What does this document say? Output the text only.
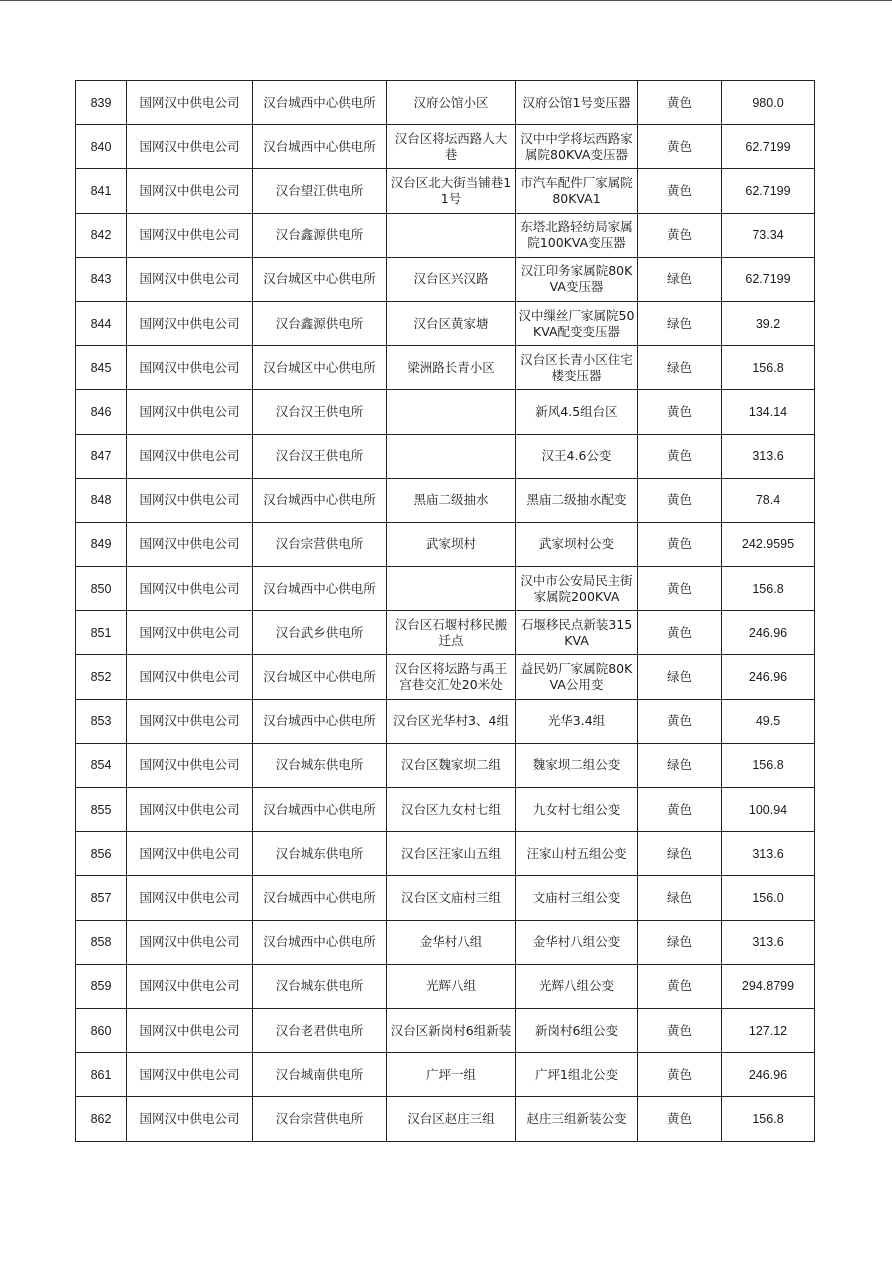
839	国网汉中供电公司	汉台城西中心供电所	汉府公馆小区	汉府公馆1号变压器	黄色	980.0
840	国网汉中供电公司	汉台城西中心供电所	汉台区将坛西路人大巷	汉中中学将坛西路家属院80KVA变压器	黄色	62.7199
841	国网汉中供电公司	汉台望江供电所	汉台区北大街当铺巷11号	市汽车配件厂家属院80KVA1	黄色	62.7199
842	国网汉中供电公司	汉台鑫源供电所		东塔北路轻纺局家属院100KVA变压器	黄色	73.34
843	国网汉中供电公司	汉台城区中心供电所	汉台区兴汉路	汉江印务家属院80KVA变压器	绿色	62.7199
844	国网汉中供电公司	汉台鑫源供电所	汉台区黄家塘	汉中缫丝厂家属院50KVA配变变压器	绿色	39.2
845	国网汉中供电公司	汉台城区中心供电所	梁洲路长青小区	汉台区长青小区住宅楼变压器	绿色	156.8
846	国网汉中供电公司	汉台汉王供电所		新风4.5组台区	黄色	134.14
847	国网汉中供电公司	汉台汉王供电所		汉王4.6公变	黄色	313.6
848	国网汉中供电公司	汉台城西中心供电所	黑庙二级抽水	黑庙二级抽水配变	黄色	78.4
849	国网汉中供电公司	汉台宗营供电所	武家坝村	武家坝村公变	黄色	242.9595
850	国网汉中供电公司	汉台城西中心供电所		汉中市公安局民主街家属院200KVA	黄色	156.8
851	国网汉中供电公司	汉台武乡供电所	汉台区石堰村移民搬迁点	石堰移民点新装315KVA	黄色	246.96
852	国网汉中供电公司	汉台城区中心供电所	汉台区将坛路与禹王宫巷交汇处20米处	益民奶厂家属院80KVA公用变	绿色	246.96
853	国网汉中供电公司	汉台城西中心供电所	汉台区光华村3、4组	光华3.4组	黄色	49.5
854	国网汉中供电公司	汉台城东供电所	汉台区魏家坝二组	魏家坝二组公变	绿色	156.8
855	国网汉中供电公司	汉台城西中心供电所	汉台区九女村七组	九女村七组公变	黄色	100.94
856	国网汉中供电公司	汉台城东供电所	汉台区汪家山五组	汪家山村五组公变	绿色	313.6
857	国网汉中供电公司	汉台城西中心供电所	汉台区文庙村三组	文庙村三组公变	绿色	156.0
858	国网汉中供电公司	汉台城西中心供电所	金华村八组	金华村八组公变	绿色	313.6
859	国网汉中供电公司	汉台城东供电所	光辉八组	光辉八组公变	黄色	294.8799
860	国网汉中供电公司	汉台老君供电所	汉台区新岗村6组新装	新岗村6组公变	黄色	127.12
861	国网汉中供电公司	汉台城南供电所	广坪一组	广坪1组北公变	黄色	246.96
862	国网汉中供电公司	汉台宗营供电所	汉台区赵庄三组	赵庄三组新装公变	黄色	156.8
